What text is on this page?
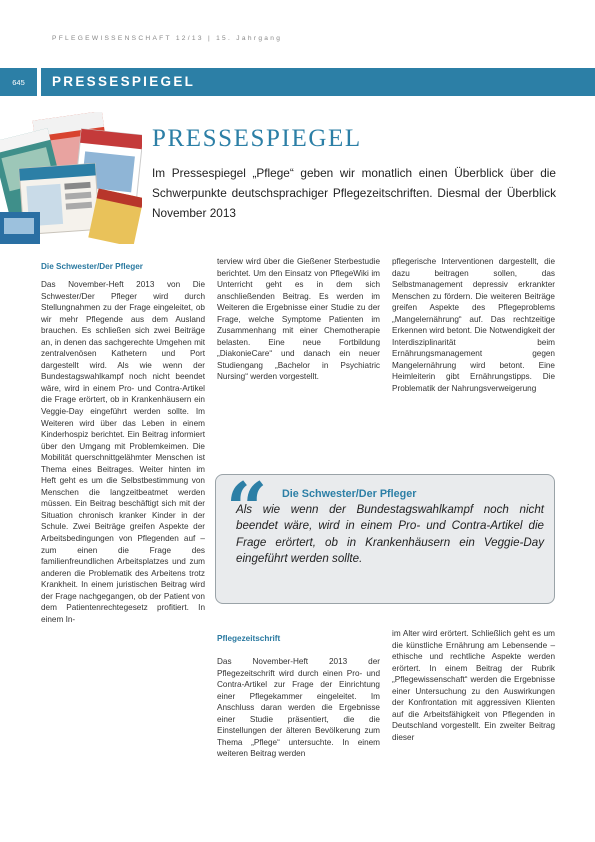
PFLEGEWISSENSCHAFT 12/13 | 15. Jahrgang
645	PRESSESPIEGEL
PRESSESPIEGEL
Im Pressespiegel „Pflege“ geben wir monatlich einen Überblick über die Schwerpunkte deutschsprachiger Pflegezeitschriften. Diesmal der Überblick November 2013
Die Schwester/Der Pfleger
Das November-Heft 2013 von Die Schwester/Der Pfleger wird durch Stellungnahmen zu der Frage eingeleitet, ob wir mehr Pflegende aus dem Ausland brauchen. Es schließen sich zwei Beiträge an, in denen das sachgerechte Umgehen mit zentralvenösen Kathetern und Port dargestellt wird. Als wie wenn der Bundestagswahlkampf noch nicht beendet wäre, wird in einem Pro- und Contra-Artikel die Frage erörtert, ob in Krankenhäusern ein Veggie-Day eingeführt werden sollte. Im Weiteren wird über das Leben in einem Kinderhospiz berichtet. Ein Beitrag informiert über den Umgang mit Problemkeimen. Die Mobilität querschnittgelähmter Menschen ist Thema eines Beitrages. Weiter hinten im Heft geht es um die Selbstbestimmung von Menschen die langzeitbeatmet werden müssen. Ein Beitrag beschäftigt sich mit der Situation chronisch kranker Kinder in der Schule. Zwei Beiträge greifen Aspekte der Arbeitsbedingungen von Pflegenden auf – zum einen die Frage des familienfreundlichen Arbeitsplatzes und zum anderen die Problematik des Arbeitens trotz Krankheit. In einem juristischen Beitrag wird der Frage nachgegangen, ob der Patient von dem Patientenrechtegesetz profitiert. In einem In-
terview wird über die Gießener Sterbestudie berichtet. Um den Einsatz von PflegeWiki im Unterricht geht es in dem sich anschließenden Beitrag. Es werden im Weiteren die Ergebnisse einer Studie zu der Frage, welche Symptome Patienten im Zusammenhang mit einer Chemotherapie belasten. Eine neue Fortbildung „DiakonieCare“ und danach ein neuer Studiengang „Bachelor in Psychiatric Nursing“ werden vorgestellt.
pflegerische Interventionen dargestellt, die dazu beitragen sollen, das Selbstmanagement depressiv erkrankter Menschen zu fördern. Die weiteren Beiträge greifen Aspekte des Pflegeproblems „Mangelernährung“ auf. Das rechtzeitige Erkennen wird betont. Die Notwendigkeit der Interdisziplinarität beim Ernährungsmanagement gegen Mangelernährung wird betont. Eine Heimleiterin gibt Ernährungstipps. Die Problematik der Nahrungsverweigerung
“ Die Schwester/Der Pfleger
Als wie wenn der Bundestagswahlkampf noch nicht beendet wäre, wird in einem Pro- und Contra-Artikel die Frage erörtert, ob in Krankenhäusern ein Veggie-Day eingeführt werden sollte.
Pflegezeitschrift
Das November-Heft 2013 der Pflegezeitschrift wird durch einen Pro- und Contra-Artikel zur Frage der Einrichtung einer Pflegekammer eingeleitet. Im Anschluss daran werden die Ergebnisse einer Studie präsentiert, die die Einstellungen der älteren Bevölkerung zum Thema „Pflege“ untersuchte. In einem weiteren Beitrag werden
im Alter wird erörtert. Schließlich geht es um die künstliche Ernährung am Lebensende – ethische und rechtliche Aspekte werden erörtert. In einem Beitrag der Rubrik „Pflegewissenschaft“ werden die Ergebnisse einer Untersuchung zu den Auswirkungen der Konfrontation mit aggressiven Klienten auf die Arbeitsfähigkeit von Pflegenden in Deutschland vorgestellt. Ein zweiter Beitrag dieser
